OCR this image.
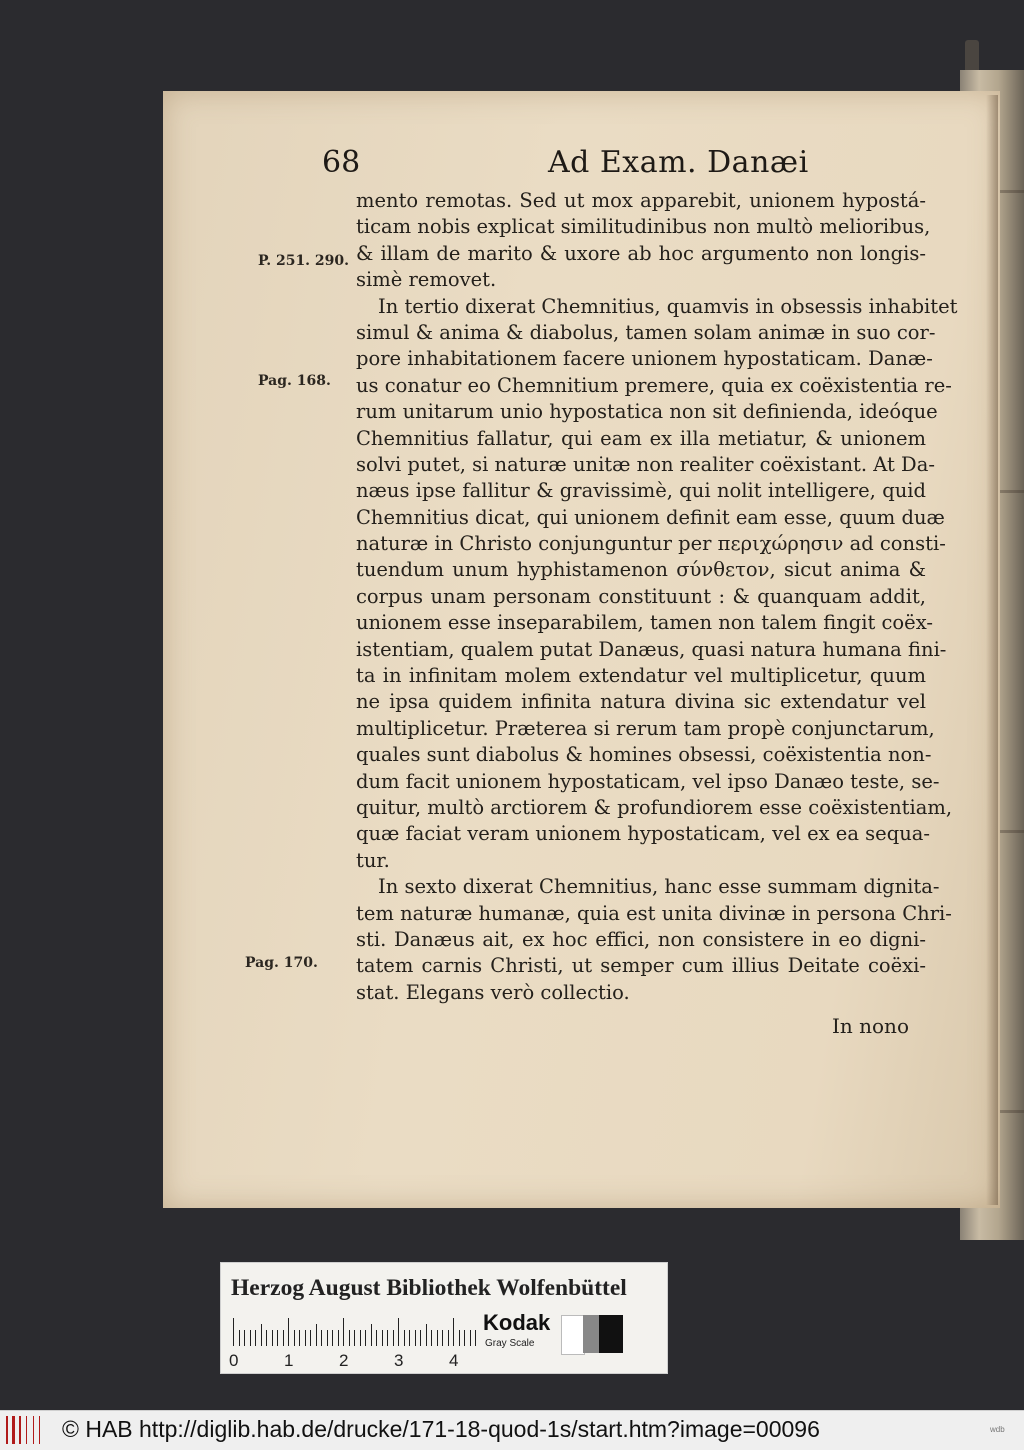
68	Ad Exam. Danæi
P. 251. 290.
Pag. 168.
Pag. 170.
mento remotas. Sed ut mox apparebit, unionem hypostá-
ticam nobis explicat similitudinibus non multò melioribus,
& illam de marito & uxore ab hoc argumento non longis-
simè removet.
In tertio dixerat Chemnitius, quamvis in obsessis inhabitet
simul & anima & diabolus, tamen solam animæ in suo cor-
pore inhabitationem facere unionem hypostaticam. Danæ-
us conatur eo Chemnitium premere, quia ex coëxistentia re-
rum unitarum unio hypostatica non sit definienda, ideóque
Chemnitius fallatur, qui eam ex illa metiatur, & unionem
solvi putet, si naturæ unitæ non realiter coëxistant. At Da-
næus ipse fallitur & gravissimè, qui nolit intelligere, quid
Chemnitius dicat, qui unionem definit eam esse, quum duæ
naturæ in Christo conjunguntur per περιχώρησιν ad consti-
tuendum unum hyphistamenon σύνθετον, sicut anima &
corpus unam personam constituunt : & quanquam addit,
unionem esse inseparabilem, tamen non talem fingit coëx-
istentiam, qualem putat Danæus, quasi natura humana fini-
ta in infinitam molem extendatur vel multiplicetur, quum
ne ipsa quidem infinita natura divina sic extendatur vel
multiplicetur. Præterea si rerum tam propè conjunctarum,
quales sunt diabolus & homines obsessi, coëxistentia non-
dum facit unionem hypostaticam, vel ipso Danæo teste, se-
quitur, multò arctiorem & profundiorem esse coëxistentiam,
quæ faciat veram unionem hypostaticam, vel ex ea sequa-
tur.
In sexto dixerat Chemnitius, hanc esse summam dignita-
tem naturæ humanæ, quia est unita divinæ in persona Chri-
sti. Danæus ait, ex hoc effici, non consistere in eo digni-
tatem carnis Christi, ut semper cum illius Deitate coëxi-
stat. Elegans verò collectio.
In nono
Herzog August Bibliothek Wolfenbüttel
0	1	2	3	4
Kodak
Gray Scale
© HAB http://diglib.hab.de/drucke/171-18-quod-1s/start.htm?image=00096	wdb
